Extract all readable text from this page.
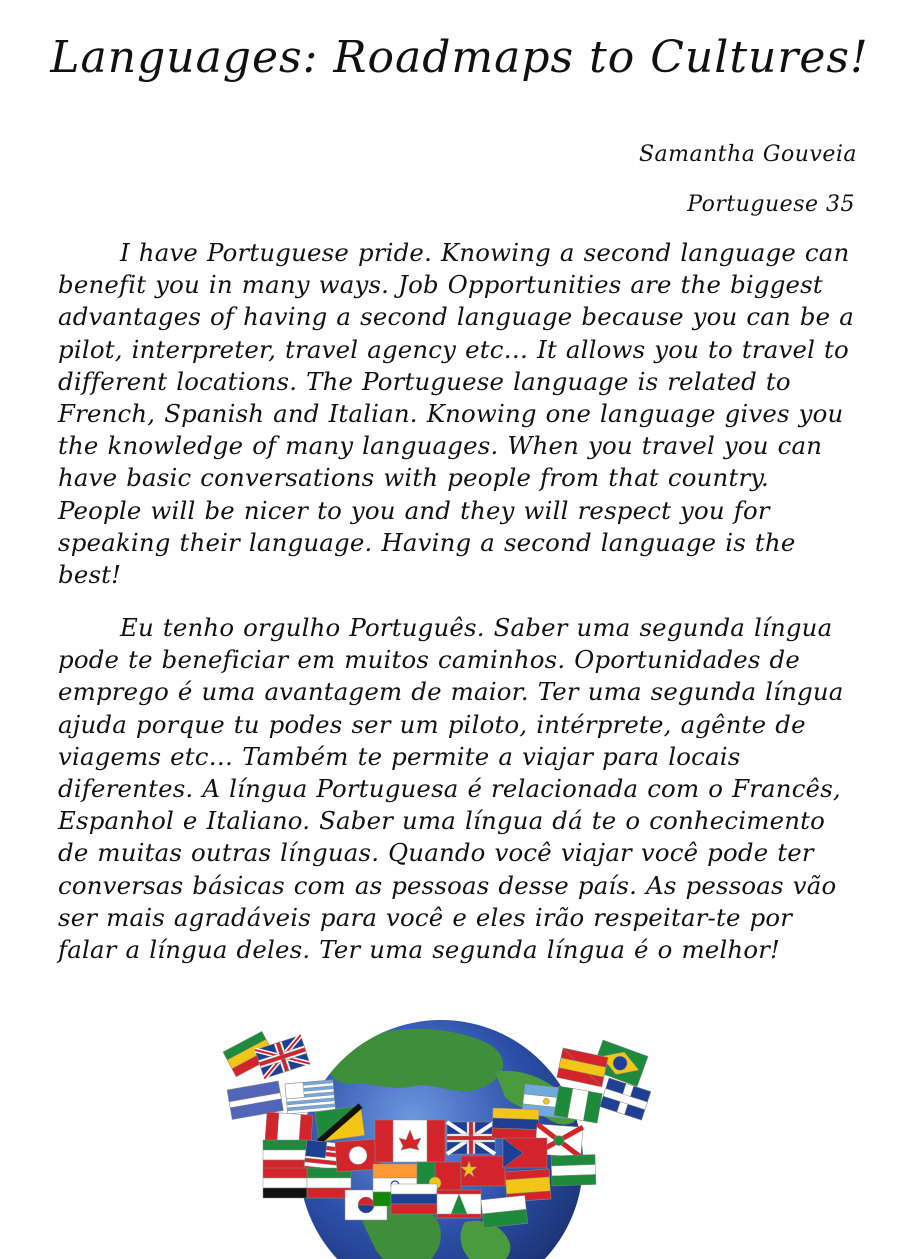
Languages: Roadmaps to Cultures!
Samantha Gouveia
Portuguese 35

I have Portuguese pride. Knowing a second language can benefit you in many ways. Job Opportunities are the biggest advantages of having a second language because you can be a pilot, interpreter, travel agency etc… It allows you to travel to different locations. The Portuguese language is related to French, Spanish and Italian. Knowing one language gives you the knowledge of many languages. When you travel you can have basic conversations with people from that country. People will be nicer to you and they will respect you for speaking their language. Having a second language is the best!

Eu tenho orgulho Português. Saber uma segunda língua pode te beneficiar em muitos caminhos. Oportunidades de emprego é uma avantagem de maior. Ter uma segunda língua ajuda porque tu podes ser um piloto, intérprete, agênte de viagems etc… Também te permite a viajar para locais diferentes. A língua Portuguesa é relacionada com o Francês, Espanhol e Italiano. Saber uma língua dá te o conhecimento de muitas outras línguas. Quando você viajar você pode ter conversas básicas com as pessoas desse país. As pessoas vão ser mais agradáveis para você e eles irão respeitar-te por falar a língua deles. Ter uma segunda língua é o melhor!
